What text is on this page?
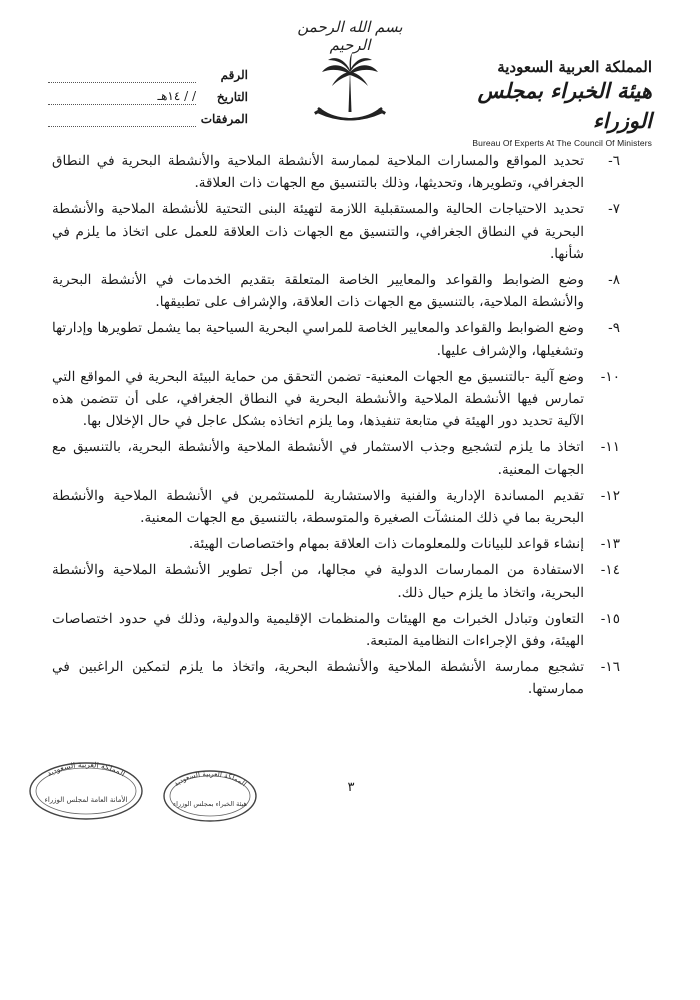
بسم الله الرحمن الرحيم
المملكة العربية السعودية
هيئة الخبراء بمجلس الوزراء
Bureau Of Experts At The Council Of Ministers
الرقم
التاريخ
/ / ١٤هـ
المرفقات
٦-
تحديد المواقع والمسارات الملاحية لممارسة الأنشطة الملاحية والأنشطة البحرية في النطاق الجغرافي، وتطويرها، وتحديثها، وذلك بالتنسيق مع الجهات ذات العلاقة.
٧-
تحديد الاحتياجات الحالية والمستقبلية اللازمة لتهيئة البنى التحتية للأنشطة الملاحية والأنشطة البحرية في النطاق الجغرافي، والتنسيق مع الجهات ذات العلاقة للعمل على اتخاذ ما يلزم في شأنها.
٨-
وضع الضوابط والقواعد والمعايير الخاصة المتعلقة بتقديم الخدمات في الأنشطة البحرية والأنشطة الملاحية، بالتنسيق مع الجهات ذات العلاقة، والإشراف على تطبيقها.
٩-
وضع الضوابط والقواعد والمعايير الخاصة للمراسي البحرية السياحية بما يشمل تطويرها وإدارتها وتشغيلها، والإشراف عليها.
١٠-
وضع آلية -بالتنسيق مع الجهات المعنية- تضمن التحقق من حماية البيئة البحرية في المواقع التي تمارس فيها الأنشطة الملاحية والأنشطة البحرية في النطاق الجغرافي، على أن تتضمن هذه الآلية تحديد دور الهيئة في متابعة تنفيذها، وما يلزم اتخاذه بشكل عاجل في حال الإخلال بها.
١١-
اتخاذ ما يلزم لتشجيع وجذب الاستثمار في الأنشطة الملاحية والأنشطة البحرية، بالتنسيق مع الجهات المعنية.
١٢-
تقديم المساندة الإدارية والفنية والاستشارية للمستثمرين في الأنشطة الملاحية والأنشطة البحرية بما في ذلك المنشآت الصغيرة والمتوسطة، بالتنسيق مع الجهات المعنية.
١٣-
إنشاء قواعد للبيانات وللمعلومات ذات العلاقة بمهام واختصاصات الهيئة.
١٤-
الاستفادة من الممارسات الدولية في مجالها، من أجل تطوير الأنشطة الملاحية والأنشطة البحرية، واتخاذ ما يلزم حيال ذلك.
١٥-
التعاون وتبادل الخبرات مع الهيئات والمنظمات الإقليمية والدولية، وذلك في حدود اختصاصات الهيئة، وفق الإجراءات النظامية المتبعة.
١٦-
تشجيع ممارسة الأنشطة الملاحية والأنشطة البحرية، واتخاذ ما يلزم لتمكين الراغبين في ممارستها.
٣
المملكة العربية السعودية
الأمانة العامة لمجلس الوزراء
المملكة العربية السعودية
هيئة الخبراء بمجلس الوزراء
